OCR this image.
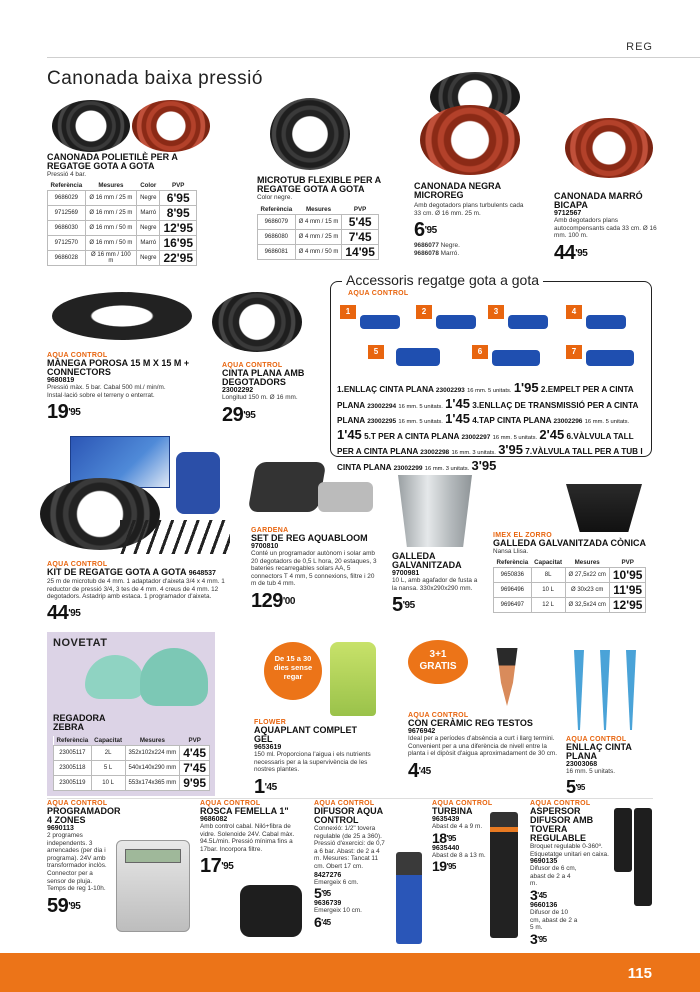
REG
Canonada baixa pressió
CANONADA POLIETILÈ PER A REGATGE GOTA A GOTA
Pressió 4 bar.
Referència	Mesures	Color	PVP
9686029	Ø 16 mm / 25 m	Negre	6'95
9712569	Ø 16 mm / 25 m	Marró	8'95
9686030	Ø 16 mm / 50 m	Negre	12'95
9712570	Ø 16 mm / 50 m	Marró	16'95
9686028	Ø 16 mm / 100 m	Negre	22'95
MICROTUB FLEXIBLE PER A REGATGE GOTA A GOTA
Color negre.
Referència	Mesures	PVP
9686079	Ø 4 mm / 15 m	5'45
9686080	Ø 4 mm / 25 m	7'45
9686081	Ø 4 mm / 50 m	14'95
CANONADA NEGRA MICROREG
Amb degotadors plans turbulents cada 33 cm. Ø 16 mm. 25 m.
$6^{'95}$
9686077 Negre.
9686078 Marró.
CANONADA MARRÓ BICAPA
9712567
Amb degotadors plans autocompensants cada 33 cm. Ø 16 mm. 100 m.
$44^{'95}$
AQUA CONTROL
MÀNEGA POROSA 15 M X 15 M + CONNECTORS
9680819
Pressió màx. 5 bar. Cabal 500 ml./ min/m. Instal·lació sobre el terreny o enterrat.
$19^{'95}$
AQUA CONTROL
CINTA PLANA AMB DEGOTADORS
23002292
Longitud 150 m. Ø 16 mm.
$29^{'95}$
Accessoris regatge gota a gota
AQUA CONTROL
1	2	3	4
5	6	7
1.ENLLAÇ CINTA PLANA 23002293 16 mm. 5 unitats. 1'95 2.EMPELT PER A CINTA PLANA 23002294 16 mm. 5 unitats. 1'45 3.ENLLAÇ DE TRANSMISSIÓ PER A CINTA PLANA 23002295 16 mm. 5 unitats. 1'45 4.TAP CINTA PLANA 23002296 16 mm. 5 unitats. 1'45 5.T PER A CINTA PLANA 23002297 16 mm. 5 unitats. 2'45 6.VÀLVULA TALL PER A CINTA PLANA 23002298 16 mm. 3 unitats. 3'95 7.VÀLVULA TALL PER A TUB I CINTA PLANA 23002299 16 mm. 3 unitats. 3'95
AQUA CONTROL
KIT DE REGATGE GOTA A GOTA 9648537
25 m de microtub de 4 mm. 1 adaptador d'aixeta 3/4 x 4 mm. 1 reductor de pressió 3/4, 3 tes de 4 mm. 4 creus de 4 mm. 12 degotadors. Astadrip amb estaca. 1 programador d'aixeta.
$44^{'95}$
GARDENA
SET DE REG AQUABLOOM
9700810
Conté un programador autònom i solar amb 20 degotadors de 0,5 L hora, 20 estaques, 3 bateries recarregables solars AA, 5 connectors T 4 mm, 5 connexions, filtre i 20 m de tub 4 mm.
$129^{'00}$
GALLEDA GALVANITZADA
9700981
10 L, amb agafador de fusta a la nansa. 330x290x290 mm.
$5^{'95}$
IMEX EL ZORRO
GALLEDA GALVANITZADA CÒNICA
Nansa Llisa.
Referència	Capacitat	Mesures	PVP
9650836	8L	Ø 27,5x22 cm	10'95
9696496	10 L	Ø 30x23 cm	11'95
9696497	12 L	Ø 32,5x24 cm	12'95
NOVETAT
REGADORA ZEBRA
Referència	Capacitat	Mesures	PVP
23005117	2L	352x102x224 mm	4'45
23005118	5 L	540x140x290 mm	7'45
23005119	10 L	553x174x365 mm	9'95
De 15 a 30
dies sense
regar
FLOWER
AQUAPLANT COMPLET GEL
9653619
150 ml. Proporciona l'aigua i els nutrients necessaris per a la supervivència de les nostres plantes.
$1^{'45}$
3+1
GRATIS
AQUA CONTROL
CON CERÀMIC REG TESTOS
9676942
Ideal per a períodes d'absència a curt i llarg termini. Convenient per a una diferència de nivell entre la planta i el dipòsit d'aigua aproximadament de 30 cm.
$4^{'45}$
AQUA CONTROL
ENLLAÇ CINTA PLANA
23003068
16 mm. 5 unitats.
$5^{'95}$
AQUA CONTROL
PROGRAMADOR 4 ZONES
9690113
2 programes independents. 3 arrencades (per dia i programa). 24V amb transformador inclòs. Connector per a sensor de pluja. Temps de reg 1-10h.
$59^{'95}$
AQUA CONTROL
ROSCA FEMELLA 1"
9686082
Amb control cabal. Niló+fibra de vidre. Solenoide 24V. Cabal màx. 94.5L/min. Pressió mínima fins a 17bar. Incorpora filtre.
$17^{'95}$
AQUA CONTROL
DIFUSOR AQUA CONTROL
Connexió: 1/2" tovera regulable (de 25 a 360). Pressió d'exercici: de 0,7 a 6 bar. Abast: de 2 a 4 m. Mesures: Tancat 11 cm. Obert 17 cm.
8427276
Emergeix 6 cm.
$5^{'95}$
9636739
Emergeix 10 cm.
$6^{'45}$
AQUA CONTROL
TURBINA
9635439
Abast de 4 a 9 m.
$18^{'95}$
9635440
Abast de 8 a 13 m.
$19^{'95}$
AQUA CONTROL
ASPERSOR DIFUSOR AMB TOVERA REGULABLE
Broquet regulable 0-360º. Etiquetatge unitari en caixa.
9690135
Difusor de 6 cm, abast de 2 a 4 m.
$3^{'45}$
9660136
Difusor de 10 cm, abast de 2 a 5 m.
$3^{'95}$
115
